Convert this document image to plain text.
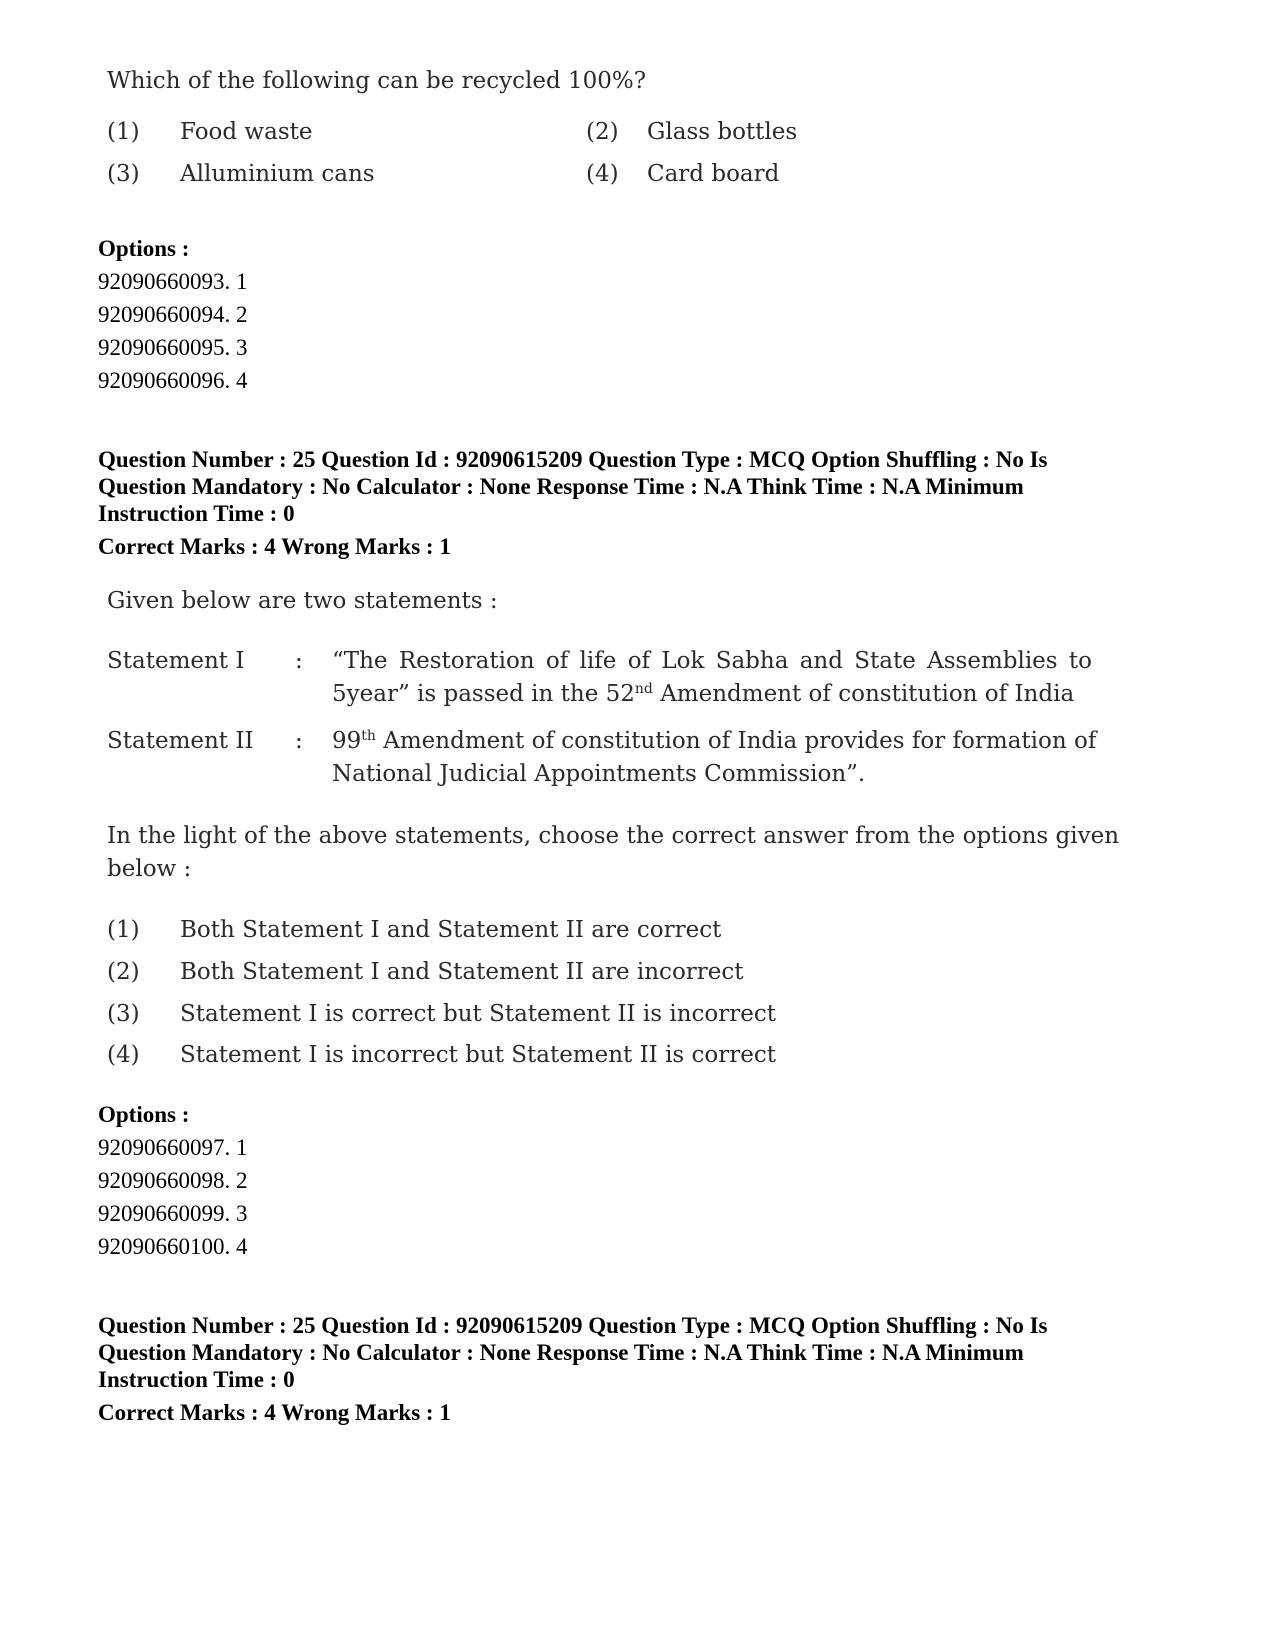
Which of the following can be recycled 100%?
(1) Food waste	(2) Glass bottles
(3) Alluminium cans	(4) Card board
Options :
92090660093. 1
92090660094. 2
92090660095. 3
92090660096. 4
Question Number : 25 Question Id : 92090615209 Question Type : MCQ Option Shuffling : No Is
Question Mandatory : No Calculator : None Response Time : N.A Think Time : N.A Minimum
Instruction Time : 0
Correct Marks : 4 Wrong Marks : 1
Given below are two statements :
Statement I : “The Restoration of life of Lok Sabha and State Assemblies to
5year” is passed in the 52nd Amendment of constitution of India
Statement II : 99th Amendment of constitution of India provides for formation of
National Judicial Appointments Commission”.
In the light of the above statements, choose the correct answer from the options given
below :
(1) Both Statement I and Statement II are correct
(2) Both Statement I and Statement II are incorrect
(3) Statement I is correct but Statement II is incorrect
(4) Statement I is incorrect but Statement II is correct
Options :
92090660097. 1
92090660098. 2
92090660099. 3
92090660100. 4
Question Number : 25 Question Id : 92090615209 Question Type : MCQ Option Shuffling : No Is
Question Mandatory : No Calculator : None Response Time : N.A Think Time : N.A Minimum
Instruction Time : 0
Correct Marks : 4 Wrong Marks : 1
